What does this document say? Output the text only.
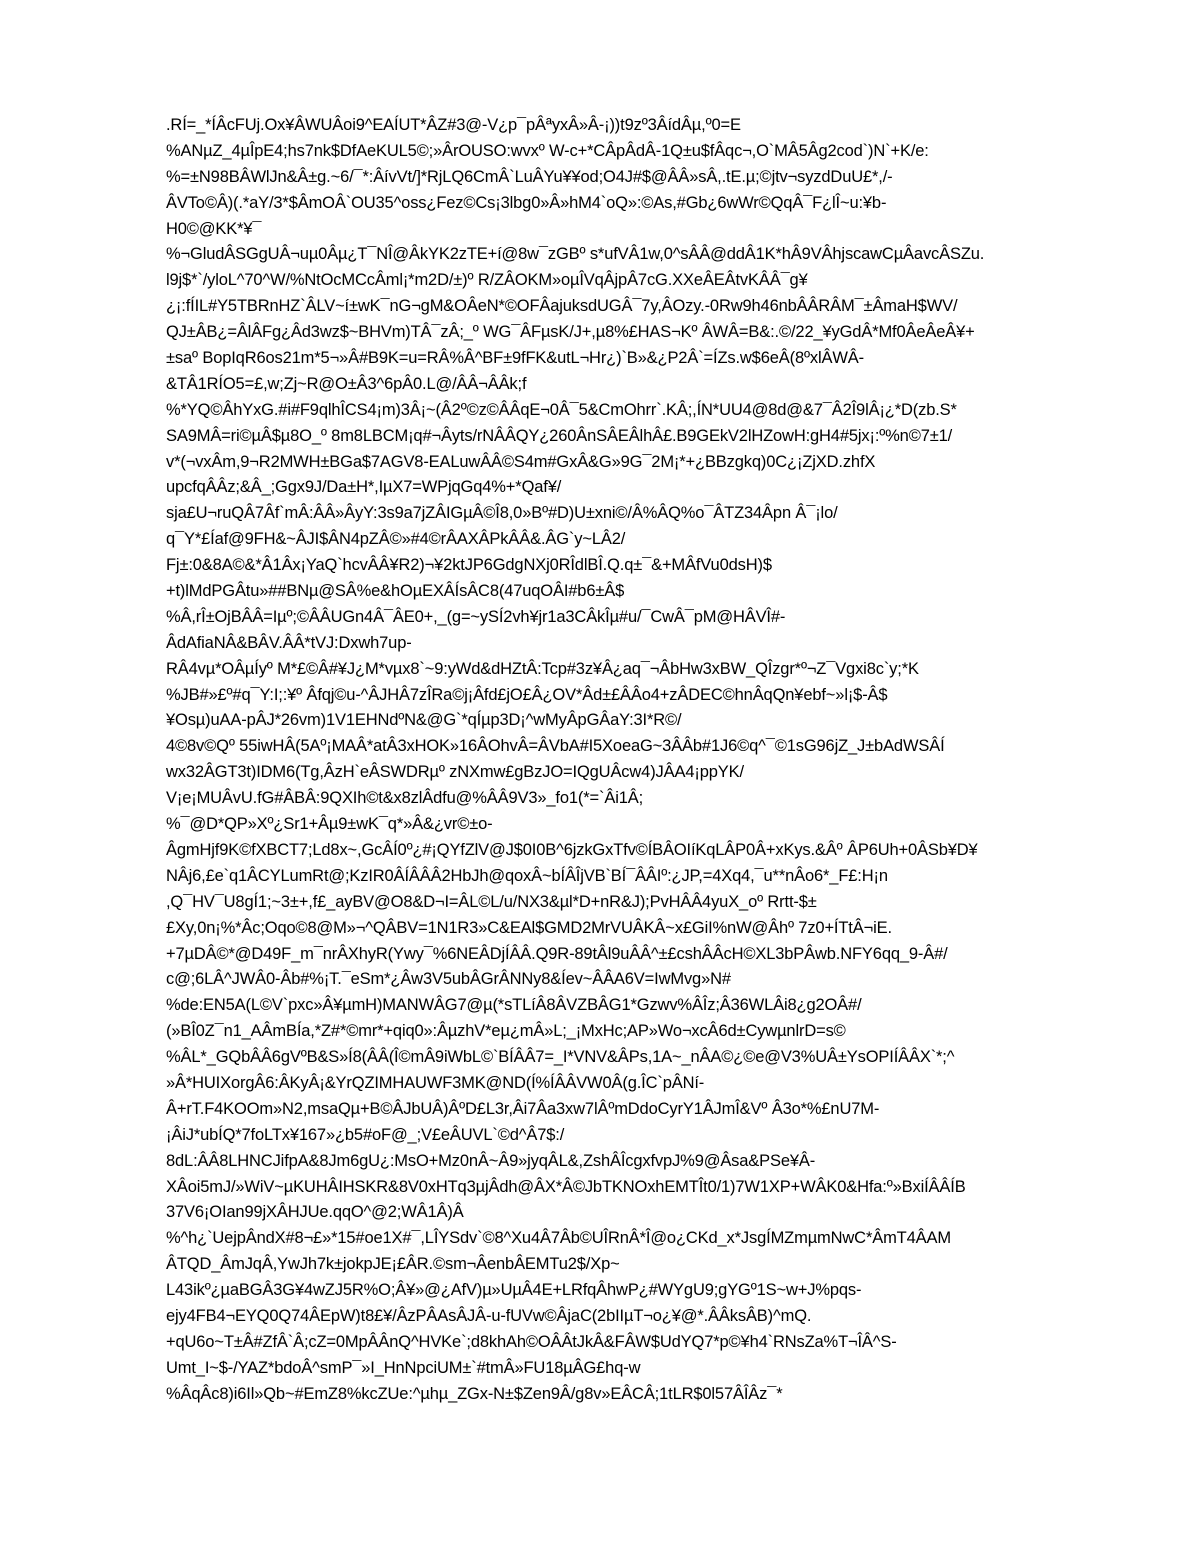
.RÍ=_*ÍÂcFUj.Ox¥ÂWUÂoi9^EAÍUT*ÂZ#3@-V¿p¯pÂªyxÂ»Â-¡))t9zº3ÂídÂµ,º0=E
%ANµZ_4µÎpE4;hs7nk$DfAeKUL5©;»ÂrOUSO:wvxº W-c+*CÂpÂdÂ-1Q±u$fÂqc¬,O`MÂ5Âg2cod`)N`+K/e:
%=±N98BÂWlJn&Â±g.~6/¯*:ÂívVt/]*RjLQ6CmÂ`LuÂYu¥¥od;O4J#$@ÂÂ»sÂ,.tE.µ;©jtv¬syzdDuU£*,/-
ÂVTo©Â)(.*aY/3*$ÂmOÂ`OU35^oss¿Fez©Cs¡3lbg0»Â»hM4`oQ»:©As,#Gb¿6wWr©QqÂ¯F¿lÎ~u:¥b-
H0©@KK*¥¯
%¬GludÂSGgUÂ¬uµ0Âµ¿T¯NÎ@ÂkYK2zTE+í@8w¯zGBº s*ufVÂ1w,0^sÂÂ@ddÂ1K*hÂ9VÂhjscawCµÂavcÂSZu.
l9j$*`/yloL^70^W/%NtOcMCcÂml¡*m2D/±)º R/ZÂOKM»oµÎVqÂjpÂ7cG.XXeÂEÂtvKÂÂ¯g¥
¿¡:fÍIL#Y5TBRnHZ`ÂLV~í±wK¯nG¬gM&OÂeN*©OFÂajuksdUGÂ¯7y,ÂOzy.-0Rw9h46nbÂÂRÂM¯±ÂmaH$WV/
QJ±ÂB¿=ÂlÂFg¿Âd3wz$~BHVm)TÂ¯zÂ;_º WG¯ÂFµsK/J+,µ8%£HAS¬Kº ÂWÂ=B&:.©/22_¥yGdÂ*Mf0ÂeÂeÂ¥+
±saº BopIqR6os21m*5¬»Â#B9K=u=RÂ%Â^BF±9fFK&utL¬Hr¿)`B»&¿P2Â`=ÍZs.w$6eÂ(8ºxlÂWÂ-
&TÂ1RÍO5=£,w;Zj~R@O±Â3^6pÂ0.L@/ÂÂ¬ÂÂk;f
%*YQ©ÂhYxG.#i#F9qlhÎCS4¡m)3Â¡~(Â2º©z©ÂÂqE¬0Â¯5&CmOhrr`.KÂ;,ÍN*UU4@8d@&7¯Â2Î9lÂ¡¿*D(zb.S*
SA9MÂ=ri©µÂ$µ8O_º 8m8LBCM¡q#¬Âyts/rNÂÂQY¿260ÂnSÂEÂlhÂ£.B9GEkV2lHZowH:gH4#5jx¡:º%n©7±1/
v*(¬vxÂm,9¬R2MWH±BGa$7AGV8-EALuwÂÂ©S4m#GxÂ&G»9G¯2M¡*+¿BBzgkq)0C¿¡ZjXD.zhfX
upcfqÂÂz;&Â_;Ggx9J/Da±H*,IµX7=WPjqGq4%+*Qaf¥/
sja£U¬ruQÂ7Âf`mÂ:ÂÂ»ÂyY:3s9a7jZÂIGµÂ©Î8,0»Bº#D)U±xni©/Â%ÂQ%o¯ÂTZ34Âpn Â¯¡lo/
q¯Y*£Íaf@9FH&~ÂJI$ÂN4pZÂ©»#4©rÂAXÂPkÂÂ&.ÂG`y~LÂ2/
Fj±:0&8A©&*Â1Âx¡YaQ`hcvÂÂ¥R2)¬¥2ktJP6GdgNXj0RÎdlBÎ.Q.q±¯&+MÂfVu0dsH)$
+t)lMdPGÂtu»##BNµ@SÂ%e&hOµEXÂÍsÂC8(47uqOÂI#b6±Â$
%Â,rÎ±OjBÂÂ=Iµº;©ÂÂUGn4Â¯ÂE0+,_(g=~ySÍ2vh¥jr1a3CÂkÎµ#u/¯CwÂ¯pM@HÂVÎ#-
ÂdAfiaNÂ&BÂV.ÂÂ*tVJ:Dxwh7up-
RÂ4vµ*OÂµÍyº M*£©Â#¥J¿M*vµx8`~9:yWd&dHZtÂ:Tcp#3z¥Â¿aq¯¬ÂbHw3xBW_QÎzgr*º¬Z¯Vgxi8c`y;*K
%JB#»£º#q¯Y:I;:¥º Âfqj©u-^ÂJHÂ7zÎRa©j¡Âfd£jO£Â¿OV*Âd±£ÂÂo4+zÂDEC©hnÂqQn¥ebf~»l¡$-Â$
¥Osµ)uAA-pÂJ*26vm)1V1EHNdºN&@G`*qÍµp3D¡^wMyÂpGÂaY:3I*R©/
4©8v©Qº 55iwHÂ(5Aº¡MAÂ*atÂ3xHOK»16ÂOhvÂ=ÂVbA#I5XoeaG~3ÂÂb#1J6©q^¯©1sG96jZ_J±bAdWSÂÍ
wx32ÂGT3t)IDM6(Tg,ÂzH`eÂSWDRµº zNXmw£gBzJO=IQgUÂcw4)JÂA4¡ppYK/
V¡e¡MUÂvU.fG#ÂBÂ:9QXIh©t&x8zlÂdfu@%ÂÂ9V3»_fo1(*=`Âi1Â;
%¯@D*QP»Xº¿Sr1+Âµ9±wK¯q*»Â&¿vr©±o-
ÂgmHjf9K©fXBCT7;Ld8x~,GcÂÍ0º¿#¡QYfZlV@J$0I0B^6jzkGxTfv©ÍBÂOIíKqLÂP0Â+xKys.&Âº ÂP6Uh+0ÂSb¥D¥
NÂj6,£e`q1ÂCYLumRt@;KzIR0ÂÍÂÂÂ2HbJh@qoxÂ~bÍÂÎjVB`BÍ¯ÂÂIº:¿JP,=4Xq4,¯u**nÂo6*_F£:H¡n
,Q¯HV¯U8gÍ1;~3±+,f£_ayBV@O8&D¬I=ÂL©L/u/NX3&µl*D+nR&J);PvHÂÂ4yuX_oº Rrtt-$±
£Xy,0n¡%*Âc;Oqo©8@M»¬^QÂBV=1N1R3»C&EAl$GMD2MrVUÂKÂ~x£GiI%nW@Âhº 7z0+ÍTtÂ¬iE.
+7µDÂ©*@D49F_m¯nrÂXhyR(Ywy¯%6NEÂDjÍÂÂ.Q9R-89tÂl9uÂÂ^±£cshÂÂcH©XL3bPÂwb.NFY6qq_9-Â#/
c@;6LÂ^JWÂ0-Âb#%¡T.¯eSm*¿Âw3V5ubÂGrÂNNy8&Íev~ÂÂA6V=IwMvg»N#
%de:EN5A(L©V`pxc»Â¥µmH)MANWÂG7@µ(*sTLíÂ8ÂVZBÂG1*Gzwv%ÂÎz;Â36WLÂi8¿g2OÂ#/
(»BÎ0Z¯n1_AÂmBÍa,*Z#*©mr*+qiq0»:ÂµzhV*eµ¿mÂ»L;_¡MxHc;AP»Wo¬xcÂ6d±CywµnlrD=s©
%ÂL*_GQbÂÂ6gVºB&S»Í8(ÂÂ(Î©mÂ9iWbL©`BÍÂÂ7=_I*VNV&ÂPs,1A~_nÂA©¿©e@V3%UÂ±YsOPIÍÂÂX`*;^
»Â*HUIXorgÂ6:ÂKyÂ¡&YrQZIMHAUWF3MK@ND(Í%ÍÂÂVW0Â(g.ÎC`pÂNí-
Â+rT.F4KOOm»N2,msaQµ+B©ÂJbUÂ)ÂºD£L3r,Âi7Âa3xw7lÂºmDdoCyrY1ÂJmÎ&Vº Â3o*%£nU7M-
¡ÂiJ*ubÍQ*7foLTx¥167»¿b5#oF@_;V£eÂUVL`©d^Â7$:/
8dL:ÂÂ8LHNCJifpA&8Jm6gU¿:MsO+Mz0nÂ~Â9»jyqÂL&,ZshÂÎcgxfvpJ%9@Âsa&PSe¥Â-
XÂoi5mJ/»WiV~µKUHÂIHSKR&8V0xHTq3µjÂdh@ÂX*Â©JbTKNOxhEMTÎt0/1)7W1XP+WÂK0&Hfa:º»BxiÍÂÂÍB
37V6¡OIan99jXÂHJUe.qqO^@2;WÂ1Â)Â
%^h¿`UejpÂndX#8¬£»*15#oe1X#¯,LÎYSdv`©8^Xu4Â7Âb©UÎRnÂ*Î@o¿CKd_x*JsgÍMZmµmNwC*ÂmT4ÂAM
ÂTQD_ÂmJqÂ,YwJh7k±jokpJE¡£ÂR.©sm¬ÂenbÂEMTu2$/Xp~
L43ikº¿µaBGÂ3G¥4wZJ5R%O;Â¥»@¿AfV)µ»UµÂ4E+LRfqÂhwP¿#WYgU9;gYGº1S~w+J%pqs-
ejy4FB4¬EYQ0Q74ÂEpW)t8£¥/ÂzPÂAsÂJÂ-u-fUVw©ÂjaC(2bIIµT¬o¿¥@*.ÂÂksÂB)^mQ.
+qU6o~T±Â#ZfÂ`Â;cZ=0MpÂÂnQ^HVKe`;d8khAh©OÂÂtJkÂ&FÂW$UdYQ7*p©¥h4`RNsZa%T¬ÎÂ^S-
Umt_I~$-/YAZ*bdoÂ^smP¯»I_HnNpciUM±`#tmÂ»FU18µÂG£hq-w
%ÂqÂc8)i6Il»Qb~#EmZ8%kcZUe:^µhµ_ZGx-N±$Zen9Â/g8v»EÂCÂ;1tLR$0l57ÂÎÂz¯*
